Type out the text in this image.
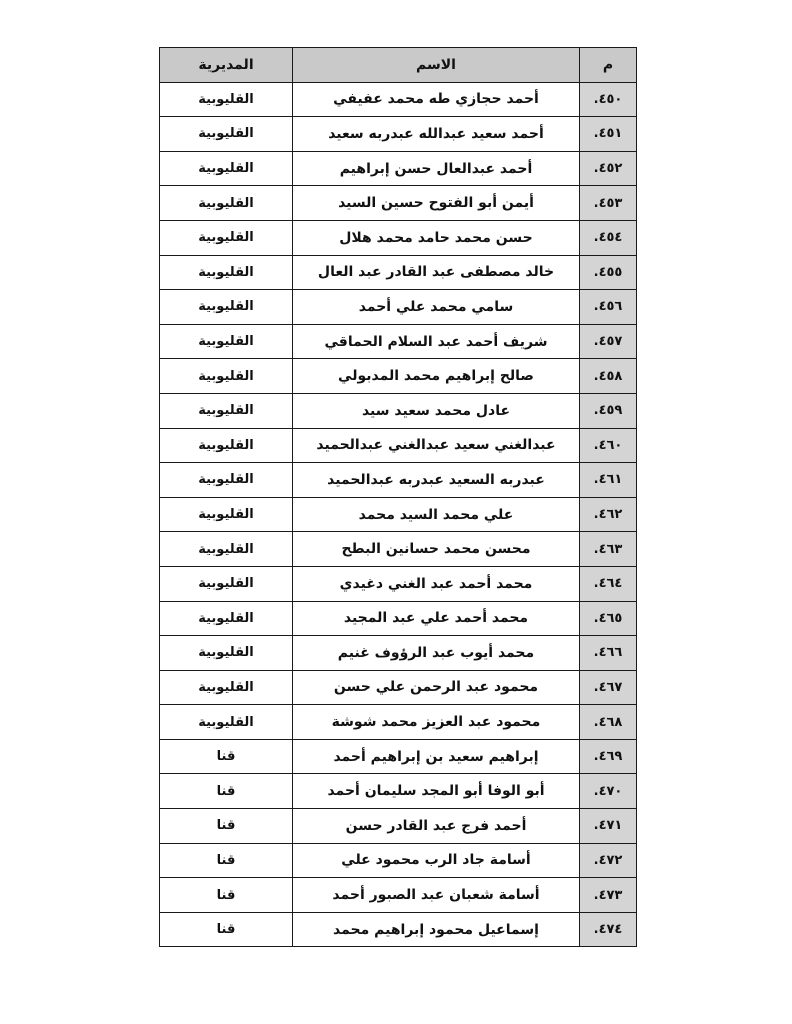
م	الاسم	المديرية
٤٥٠.	أحمد حجازي طه محمد عفيفي	القليوبية
٤٥١.	أحمد سعيد عبدالله عبدربه سعيد	القليوبية
٤٥٢.	أحمد عبدالعال حسن إبراهيم	القليوبية
٤٥٣.	أيمن أبو الفتوح حسين السيد	القليوبية
٤٥٤.	حسن محمد حامد محمد هلال	القليوبية
٤٥٥.	خالد مصطفى عبد القادر عبد العال	القليوبية
٤٥٦.	سامي محمد علي أحمد	القليوبية
٤٥٧.	شريف أحمد عبد السلام الحماقي	القليوبية
٤٥٨.	صالح إبراهيم محمد المدبولي	القليوبية
٤٥٩.	عادل محمد سعيد سيد	القليوبية
٤٦٠.	عبدالغني سعيد عبدالغني عبدالحميد	القليوبية
٤٦١.	عبدربه السعيد عبدربه عبدالحميد	القليوبية
٤٦٢.	علي محمد السيد محمد	القليوبية
٤٦٣.	محسن محمد حسانين البطح	القليوبية
٤٦٤.	محمد أحمد عبد الغني دغيدي	القليوبية
٤٦٥.	محمد أحمد علي عبد المجيد	القليوبية
٤٦٦.	محمد أيوب عبد الرؤوف غنيم	القليوبية
٤٦٧.	محمود عبد الرحمن علي حسن	القليوبية
٤٦٨.	محمود عبد العزيز محمد شوشة	القليوبية
٤٦٩.	إبراهيم سعيد بن إبراهيم أحمد	قنا
٤٧٠.	أبو الوفا أبو المجد سليمان أحمد	قنا
٤٧١.	أحمد فرج عبد القادر حسن	قنا
٤٧٢.	أسامة جاد الرب محمود علي	قنا
٤٧٣.	أسامة شعبان عبد الصبور أحمد	قنا
٤٧٤.	إسماعيل محمود إبراهيم محمد	قنا
